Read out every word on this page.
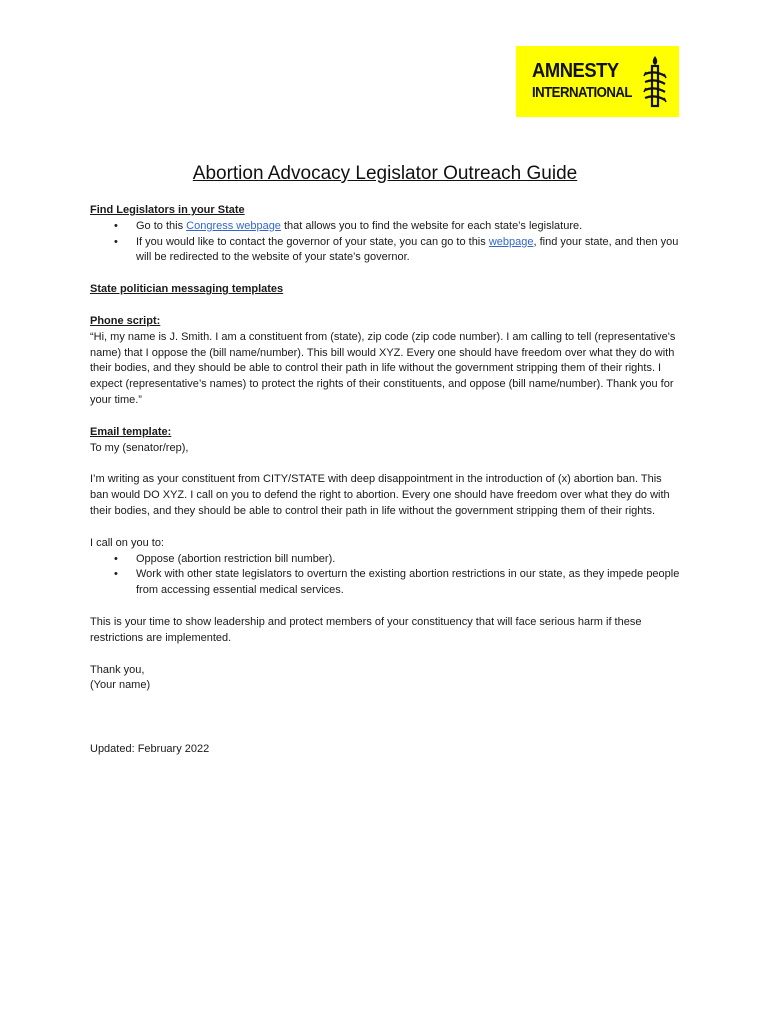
AMNESTY
INTERNATIONAL
Abortion Advocacy Legislator Outreach Guide

Find Legislators in your State

• Go to this Congress webpage that allows you to find the website for each state’s legislature.
• If you would like to contact the governor of your state, you can go to this webpage, find your state, and then you will be redirected to the website of your state’s governor.

State politician messaging templates

Phone script:

“Hi, my name is J. Smith. I am a constituent from (state), zip code (zip code number). I am calling to tell (representative's name) that I oppose the (bill name/number). This bill would XYZ. Every one should have freedom over what they do with their bodies, and they should be able to control their path in life without the government stripping them of their rights. I expect (representative’s names) to protect the rights of their constituents, and oppose (bill name/number). Thank you for your time.”

Email template:

To my (senator/rep),

I’m writing as your constituent from CITY/STATE with deep disappointment in the introduction of (x) abortion ban. This ban would DO XYZ. I call on you to defend the right to abortion. Every one should have freedom over what they do with their bodies, and they should be able to control their path in life without the government stripping them of their rights.

I call on you to:

• Oppose (abortion restriction bill number).
• Work with other state legislators to overturn the existing abortion restrictions in our state, as they impede people from accessing essential medical services.

This is your time to show leadership and protect members of your constituency that will face serious harm if these restrictions are implemented.

Thank you,

(Your name)

Updated: February 2022
